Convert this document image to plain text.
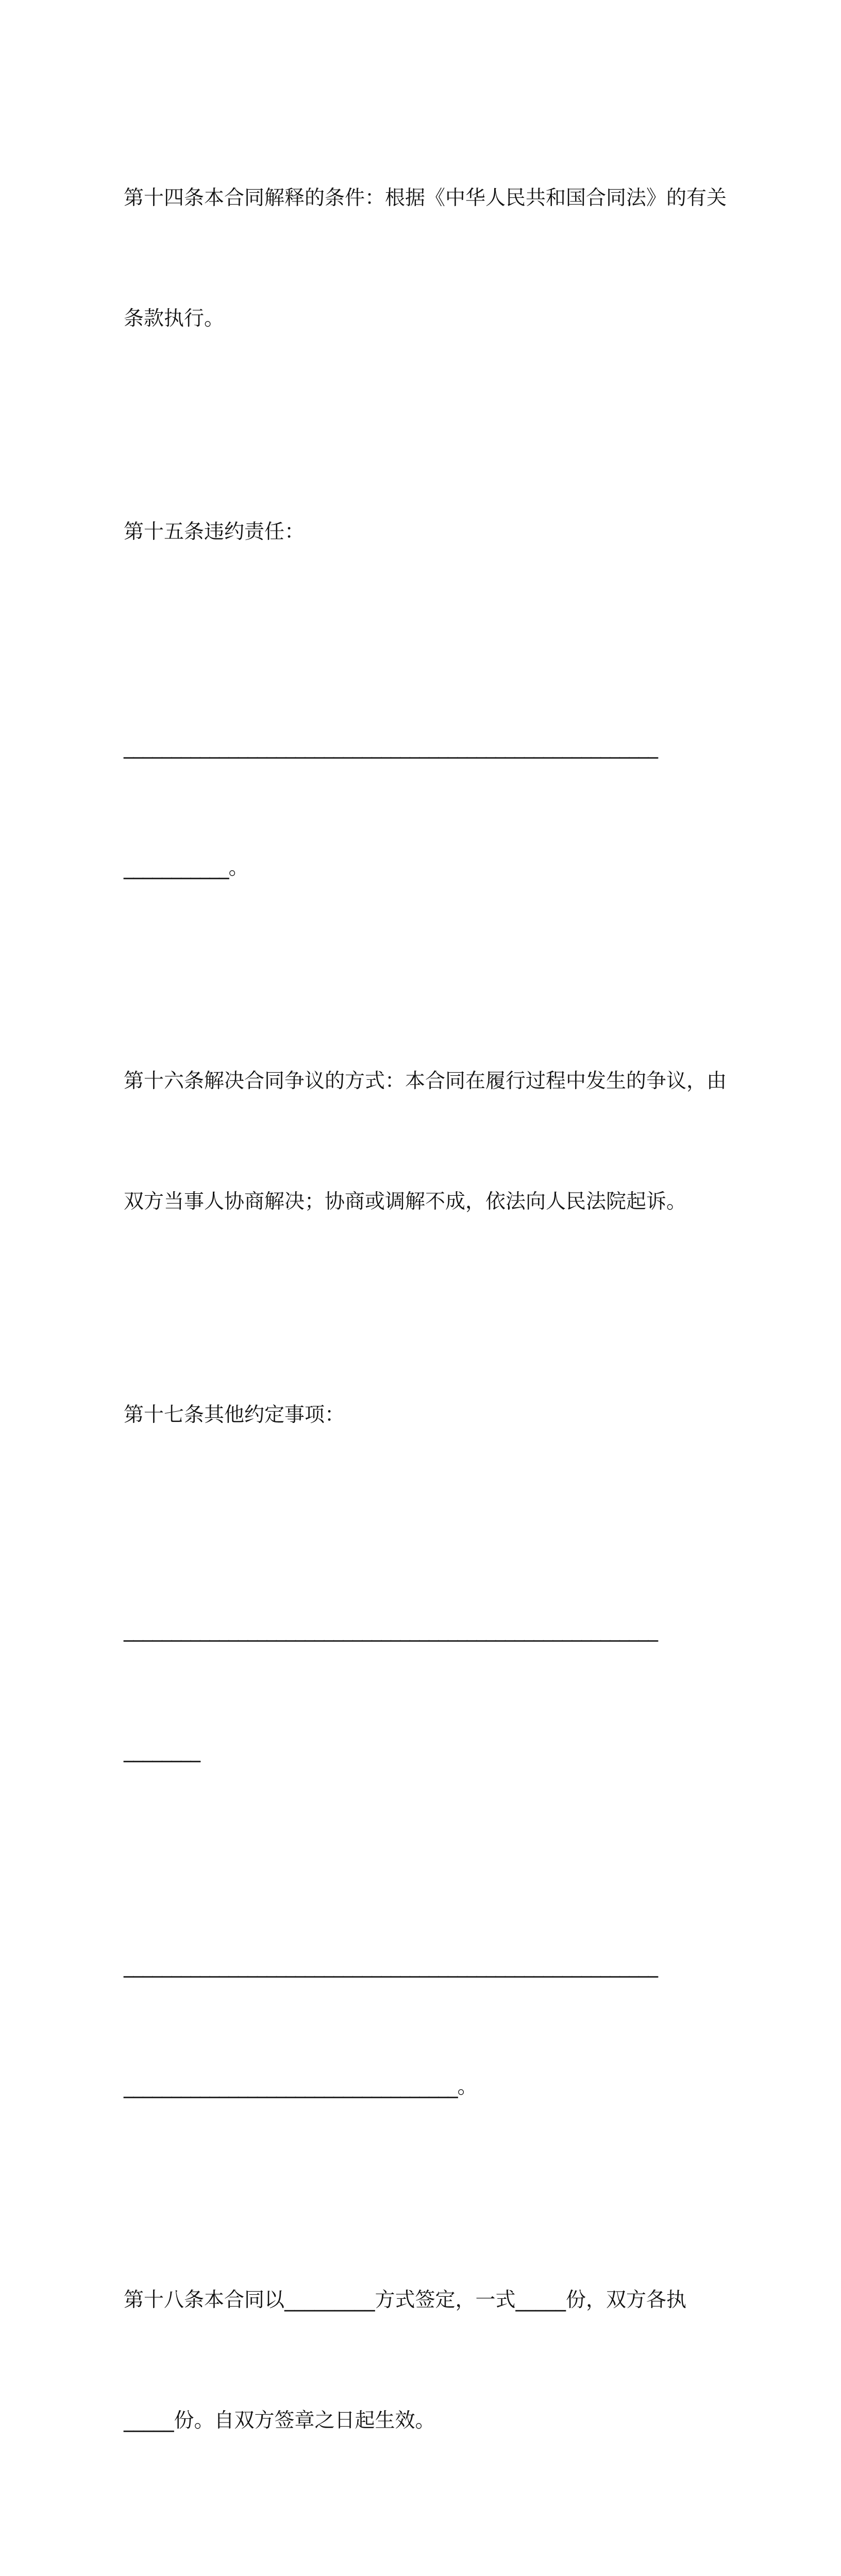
第十四条本合同解释的条件：根据《中华人民共和国合同法》的有关

条款执行。

第十五条违约责任：

________________________________________________________

___________。

第十六条解决合同争议的方式：本合同在履行过程中发生的争议，由

双方当事人协商解决；协商或调解不成，依法向人民法院起诉。

第十七条其他约定事项：

________________________________________________________

________

________________________________________________________

___________________________________。

第十八条本合同以_________方式签定，一式_____份，双方各执

_____份。自双方签章之日起生效。
